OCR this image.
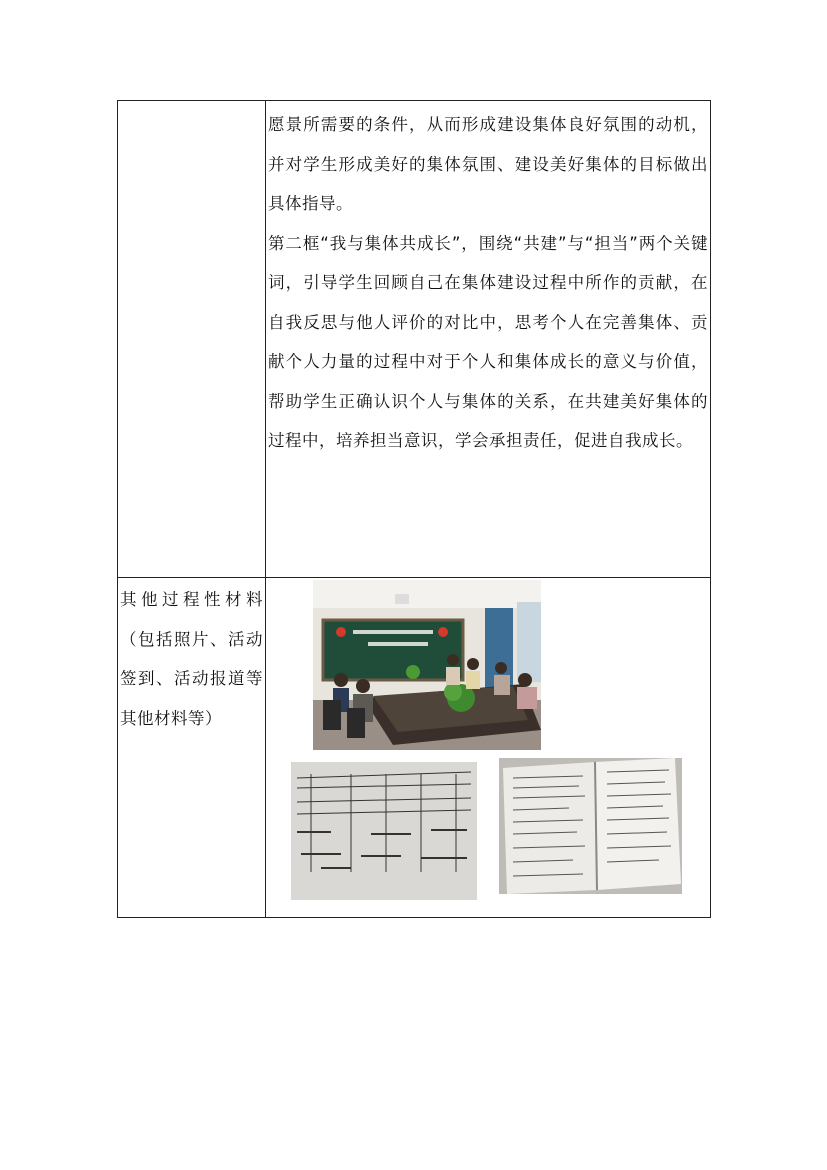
	愿景所需要的条件，从而形成建设集体良好氛围的动机，并对学生形成美好的集体氛围、建设美好集体的目标做出具体指导。

第二框“我与集体共成长”，围绕“共建”与“担当”两个关键词，引导学生回顾自己在集体建设过程中所作的贡献，在自我反思与他人评价的对比中，思考个人在完善集体、贡献个人力量的过程中对于个人和集体成长的意义与价值，帮助学生正确认识个人与集体的关系，在共建美好集体的过程中，培养担当意识，学会承担责任，促进自我成长。

其他过程性材料（包括照片、活动签到、活动报道等其他材料等）
